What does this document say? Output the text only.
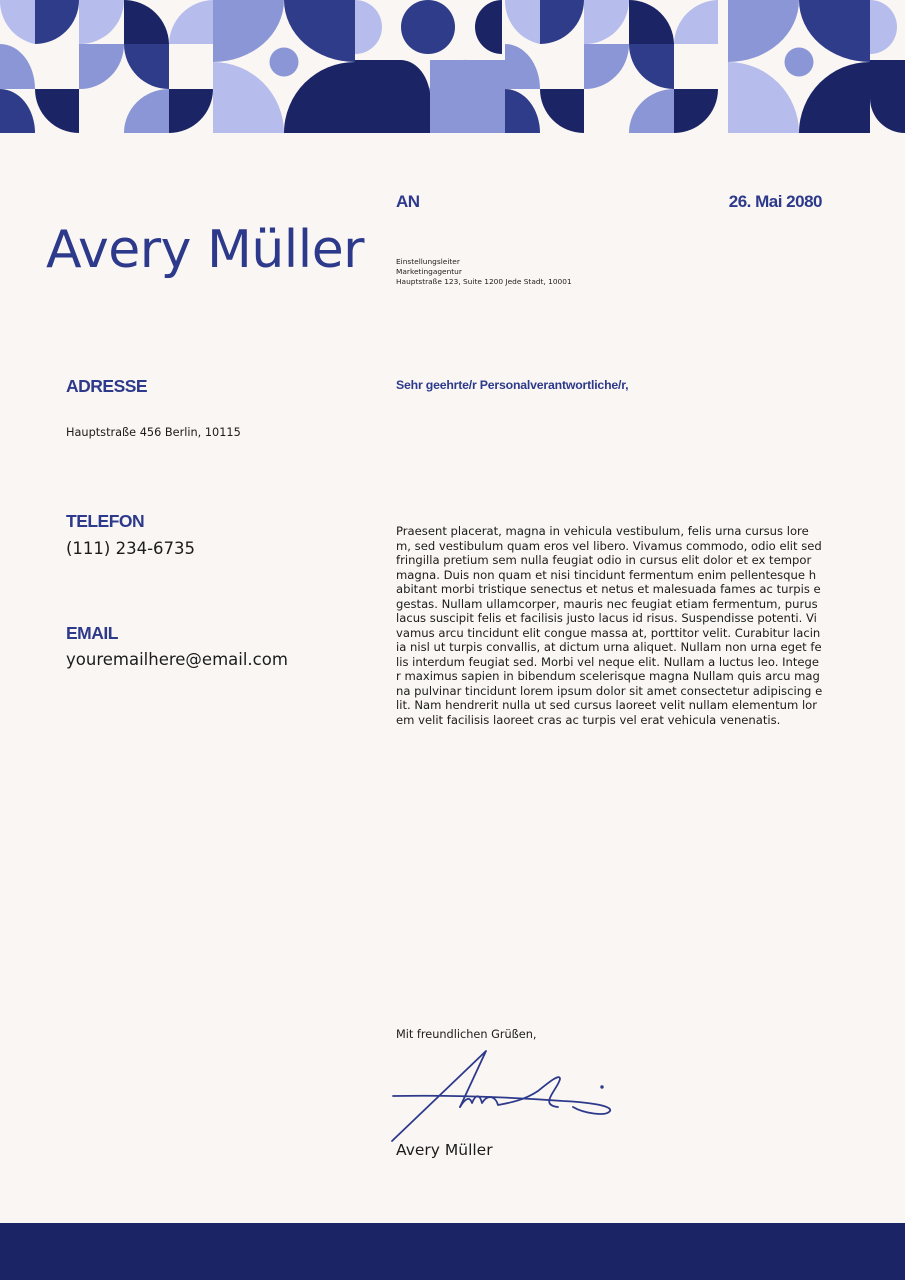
Avery Müller
AN	26. Mai 2080
Einstellungsleiter
Marketingagentur
Hauptstraße 123, Suite 1200 Jede Stadt, 10001
ADRESSE
Hauptstraße 456 Berlin, 10115
TELEFON
(111) 234-6735
EMAIL
youremailhere@email.com
Sehr geehrte/r Personalverantwortliche/r,
Praesent placerat, magna in vehicula vestibulum, felis urna cursus lorem, sed vestibulum quam eros vel libero. Vivamus commodo, odio elit sed fringilla pretium sem nulla feugiat odio in cursus elit dolor et ex tempor magna. Duis non quam et nisi tincidunt fermentum enim pellentesque habitant morbi tristique senectus et netus et malesuada fames ac turpis egestas. Nullam ullamcorper, mauris nec feugiat etiam fermentum, purus lacus suscipit felis et facilisis justo lacus id risus. Suspendisse potenti. Vivamus arcu tincidunt elit congue massa at, porttitor velit. Curabitur lacinia nisl ut turpis convallis, at dictum urna aliquet. Nullam non urna eget felis interdum feugiat sed. Morbi vel neque elit. Nullam a luctus leo. Integer maximus sapien in bibendum scelerisque magna Nullam quis arcu magna pulvinar tincidunt lorem ipsum dolor sit amet consectetur adipiscing elit. Nam hendrerit nulla ut sed cursus laoreet velit nullam elementum lorem velit facilisis laoreet cras ac turpis vel erat vehicula venenatis.
Mit freundlichen Grüßen,
Avery Müller
